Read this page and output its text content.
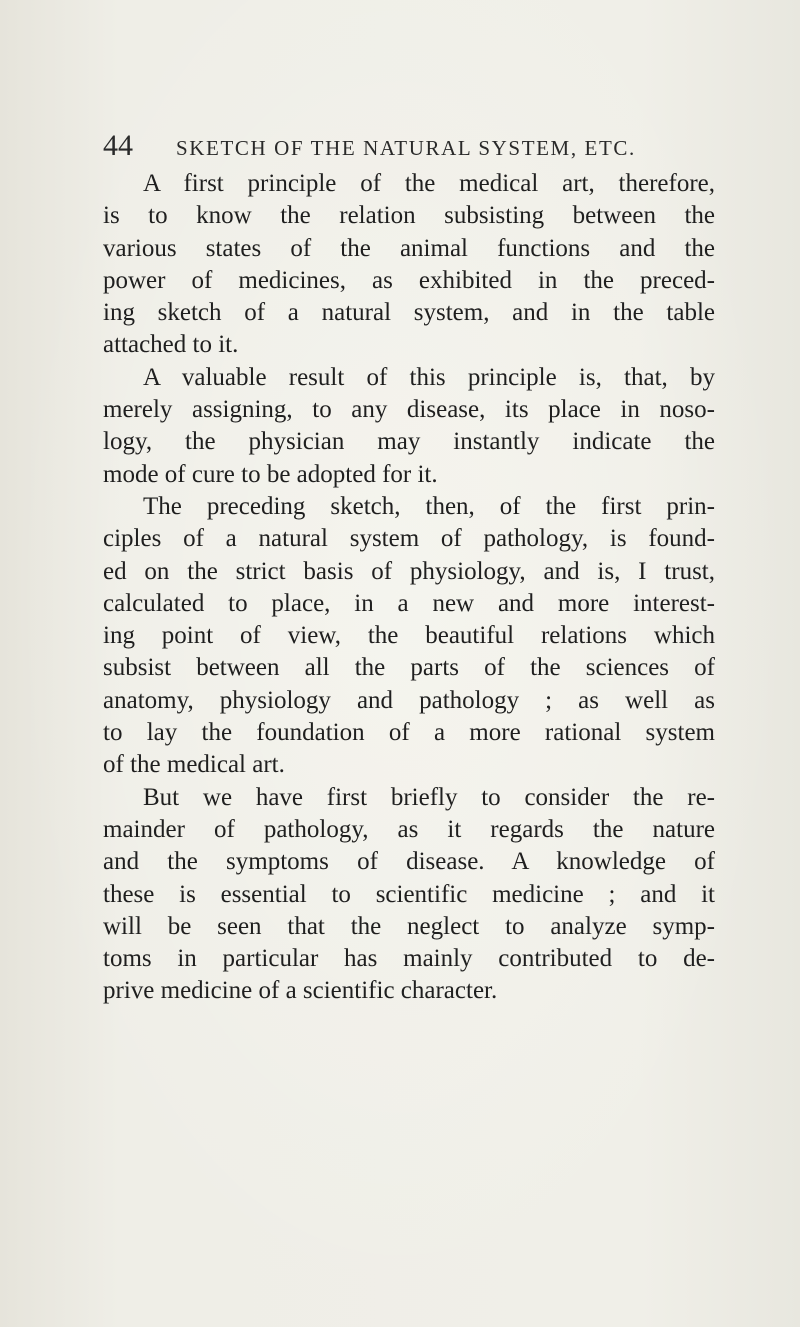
44 SKETCH OF THE NATURAL SYSTEM, ETC.
A first principle of the medical art, therefore,
is to know the relation subsisting between the
various states of the animal functions and the
power of medicines, as exhibited in the preced-
ing sketch of a natural system, and in the table
attached to it.
A valuable result of this principle is, that, by
merely assigning, to any disease, its place in noso-
logy, the physician may instantly indicate the
mode of cure to be adopted for it.
The preceding sketch, then, of the first prin-
ciples of a natural system of pathology, is found-
ed on the strict basis of physiology, and is, I trust,
calculated to place, in a new and more interest-
ing point of view, the beautiful relations which
subsist between all the parts of the sciences of
anatomy, physiology and pathology ; as well as
to lay the foundation of a more rational system
of the medical art.
But we have first briefly to consider the re-
mainder of pathology, as it regards the nature
and the symptoms of disease. A knowledge of
these is essential to scientific medicine ; and it
will be seen that the neglect to analyze symp-
toms in particular has mainly contributed to de-
prive medicine of a scientific character.
